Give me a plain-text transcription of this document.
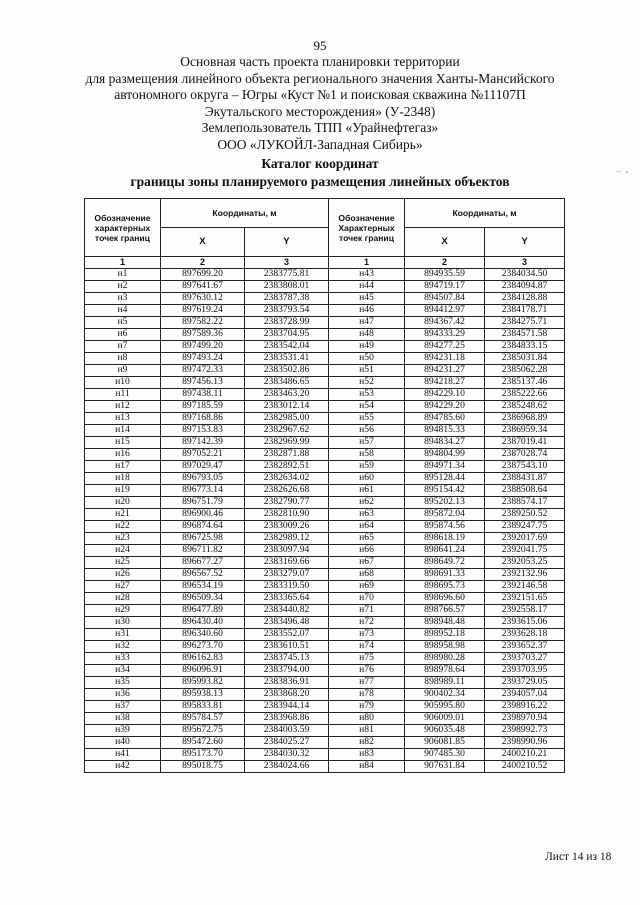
95
Основная часть проекта планировки территории
для размещения линейного объекта регионального значения Ханты-Мансийского
автономного округа – Югры «Куст №1 и поисковая скважина №11107П
Экутальского месторождения» (У-2348)
Землепользователь ТПП «Урайнефтегаз»
ООО «ЛУКОЙЛ-Западная Сибирь»
⁻ ⠂
Каталог координат
границы зоны планируемого размещения линейных объектов
Обозначение характерных точек границ	Координаты, м		Обозначение Характерных точек границ	Координаты, м	
	X	Y		X	Y
1	2	3	1	2	3
н1	897699.20	2383775.81	н43	894935.59	2384034.50
н2	897641.67	2383808.01	н44	894719.17	2384094.87
н3	897630.12	2383787.38	н45	894507.84	2384128.88
н4	897619.24	2383793.54	н46	894412.97	2384178.71
н5	897582.22	2383728.99	н47	894367.42	2384275.71
н6	897589.36	2383704.95	н48	894333.29	2384571.58
н7	897499.20	2383542.04	н49	894277.25	2384833.15
н8	897493.24	2383531.41	н50	894231.18	2385031.84
н9	897472.33	2383502.86	н51	894231.27	2385062.28
н10	897456.13	2383486.65	н52	894218.27	2385137.46
н11	897438.11	2383463.20	н53	894229.10	2385222.66
н12	897185.59	2383012.14	н54	894229.20	2385248.62
н13	897168.86	2382985.00	н55	894785.60	2386968.89
н14	897153.83	2382967.62	н56	894815.33	2386959.34
н15	897142.39	2382969.99	н57	894834.27	2387019.41
н16	897052.21	2382871.88	н58	894804.99	2387028.74
н17	897029.47	2382892.51	н59	894971.34	2387543.10
н18	896793.05	2382634.02	н60	895128.44	2388431.87
н19	896773.14	2382626.68	н61	895154.42	2388508.64
н20	896751.79	2382790.77	н62	895202.13	2388574.17
н21	896900.46	2382810.90	н63	895872.04	2389250.52
н22	896874.64	2383009.26	н64	895874.56	2389247.75
н23	896725.98	2382989.12	н65	898618.19	2392017.69
н24	896711.82	2383097.94	н66	898641.24	2392041.75
н25	896677.27	2383169.66	н67	898649.72	2392053.25
н26	896567.52	2383279.07	н68	898691.33	2392132.96
н27	896534.19	2383319.50	н69	898695.73	2392146.58
н28	896509.34	2383365.64	н70	898696.60	2392151.65
н29	896477.89	2383440.82	н71	898766.57	2392558.17
н30	896430.40	2383496.48	н72	898948.48	2393615.06
н31	896340.60	2383552.07	н73	898952.18	2393628.18
н32	896273.70	2383610.51	н74	898958.98	2393652.37
н33	896162.83	2383745.13	н75	898980.28	2393703.27
н34	896096.91	2383794.00	н76	898978.64	2393703.95
н35	895993.82	2383836.91	н77	898989.11	2393729.05
н36	895938.13	2383868.20	н78	900402.34	2394057.04
н37	895833.81	2383944.14	н79	905995.80	2398916.22
н38	895784.57	2383968.86	н80	906009.01	2398970.94
н39	895672.75	2384003.59	н81	906035.48	2398992.73
н40	895472.60	2384025.27	н82	906081.85	2398990.96
н41	895173.70	2384030.32	н83	907485.30	2400210.21
н42	895018.75	2384024.66	н84	907631.84	2400210.52
Лист 14 из 18
